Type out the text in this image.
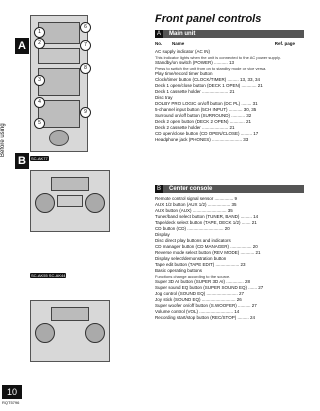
Before using
A
1
2
3
4
5
6
7
8
9
B	SC-AK77
SC-AK55 SC-AK44
Front panel controls
Main unit
A
No.	Name	Ref. page
AC supply indicator (AC IN)
This indicator lights when the unit is connected to the AC power supply.
Standby/on switch (POWER) ........... 13
Press to switch the unit from on to standby mode or vice versa.
Play time/record timer button
Clock/timer button (CLOCK/TIMER) ......... 13, 33, 34
Deck 1 open/close button (DECK 1 OPEN) ............ 21
Deck 1 cassette holder ..................... 21
Disc tray
DOLBY PRO LOGIC on/off button (DC PL) ........ 31
5-channel input button (5CH INPUT) ........... 30, 35
Surround on/off button (SURROUND) ........... 32
Deck 2 open button (DECK 2 OPEN) ............ 21
Deck 2 cassette holder ..................... 21
CD open/close button (CD OPEN/CLOSE) ......... 17
Headphone jack (PHONES) ........................ 33
Center console
B
Remote control signal sensor ............... 9
AUX 1/2 button (AUX 1/2) .................. 35
AUX button (AUX) ........................... 35
Tuner/band select button (TUNER, BAND) ......... 14
Tape/deck select button (TAPE, DECK 1/2) ....... 21
CD button (CD) ............................. 20
Display
Disc direct play buttons and indicators
CD manager button (CD MANAGER) ................. 20
Reverse mode select button (REV MODE) ........... 21
Display select/demonstration button
Tape edit button (TAPE EDIT) ................... 23
Basic operating buttons
Functions change according to the source.
Super 3D AI button (SUPER 3D AI) .............. 28
Super sound EQ button (SUPER SOUND EQ) ....... 27
Jog control (SOUND EQ) ......................... 27
Joy stick (SOUND EQ) ........................... 26
Super woofer on/off button (S.WOOFER) .......... 27
Volume control (VOL) ........................... 14
Recording start/stop button (REC/STOP) ......... 24
10
RQT5796
